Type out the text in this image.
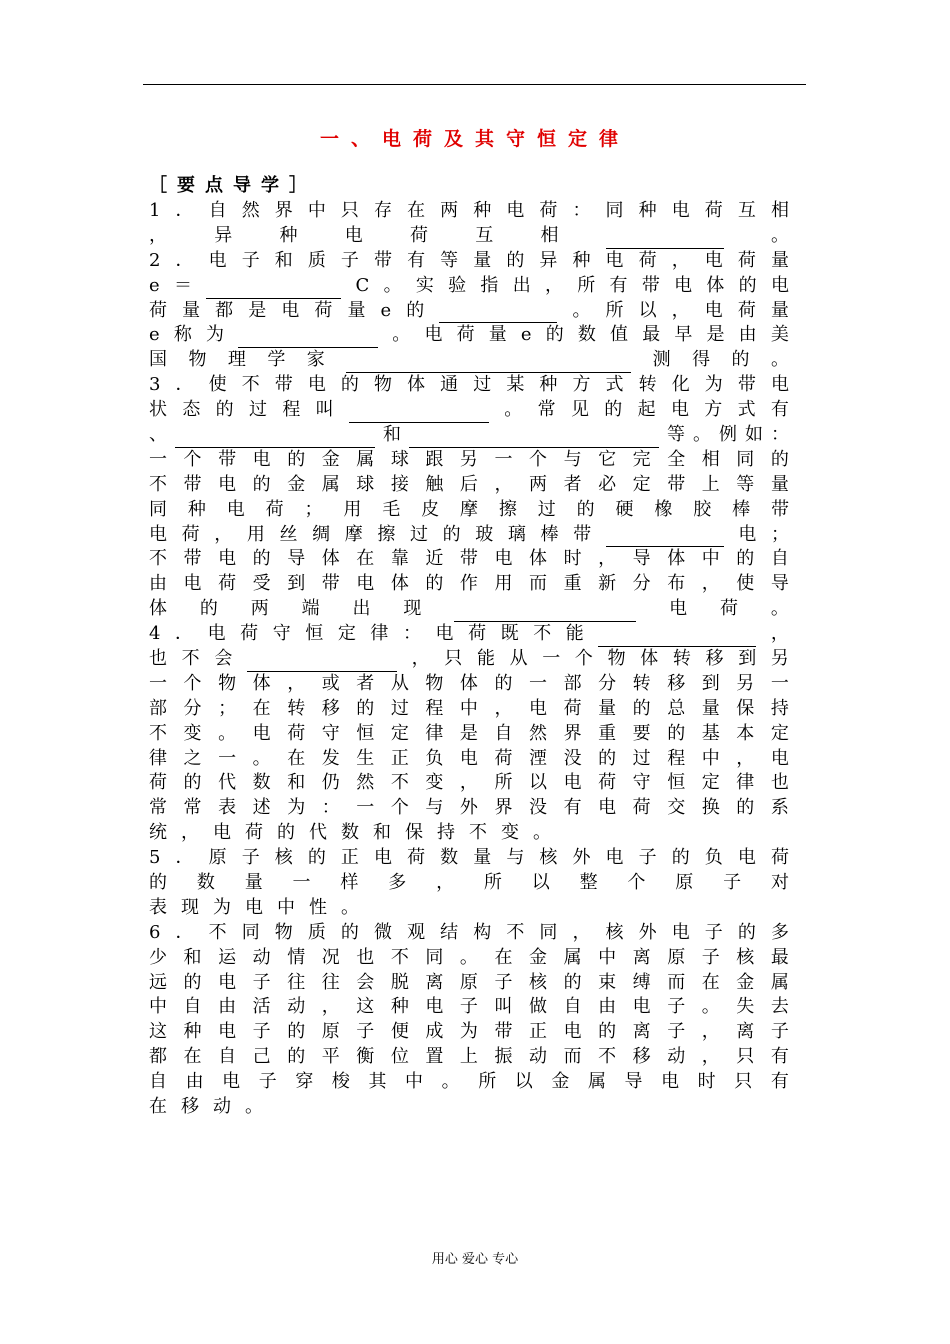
一、电荷及其守恒定律
［要点导学］
1 ． 自 然 界 中 只 存 在 两 种 电 荷 ： 同 种 电 荷 互 相
，	异	种	电	荷	互	相	。
2 ． 电 子 和 质 子 带 有 等 量 的 异 种 电 荷 ， 电 荷 量
e ＝	C 。 实 验 指 出 ， 所 有 带 电 体 的 电
荷 量 都 是 电 荷 量 e 的	。 所 以 ， 电 荷 量
e 称 为	。 电 荷 量 e 的 数 值 最 早 是 由 美
国 物 理 学 家	测 得 的 。
3 ． 使 不 带 电 的 物 体 通 过 某 种 方 式 转 化 为 带 电
状 态 的 过 程 叫	。 常 见 的 起 电 方 式 有
、	和	等 。 例 如 ：
一 个 带 电 的 金 属 球 跟 另 一 个 与 它 完 全 相 同 的
不 带 电 的 金 属 球 接 触 后 ， 两 者 必 定 带 上 等 量
同 种 电 荷 ； 用 毛 皮 摩 擦 过 的 硬 橡 胶 棒 带
电 荷 ， 用 丝 绸 摩 擦 过 的 玻 璃 棒 带	电 ；
不 带 电 的 导 体 在 靠 近 带 电 体 时 ， 导 体 中 的 自
由 电 荷 受 到 带 电 体 的 作 用 而 重 新 分 布 ， 使 导
体 的 两 端 出 现	电 荷 。
4 ． 电 荷 守 恒 定 律 ： 电 荷 既 不 能	，
也 不 会	， 只 能 从 一 个 物 体 转 移 到 另
一 个 物 体 ， 或 者 从 物 体 的 一 部 分 转 移 到 另 一
部 分 ； 在 转 移 的 过 程 中 ， 电 荷 量 的 总 量 保 持
不 变 。 电 荷 守 恒 定 律 是 自 然 界 重 要 的 基 本 定
律 之 一 。 在 发 生 正 负 电 荷 湮 没 的 过 程 中 ， 电
荷 的 代 数 和 仍 然 不 变 ， 所 以 电 荷 守 恒 定 律 也
常 常 表 述 为 ： 一 个 与 外 界 没 有 电 荷 交 换 的 系
统 ， 电 荷 的 代 数 和 保 持 不 变 。
5 ． 原 子 核 的 正 电 荷 数 量 与 核 外 电 子 的 负 电 荷
的 数 量 一 样 多 ， 所 以 整 个 原 子 对
表 现 为 电 中 性 。
6 ． 不 同 物 质 的 微 观 结 构 不 同 ， 核 外 电 子 的 多
少 和 运 动 情 况 也 不 同 。 在 金 属 中 离 原 子 核 最
远 的 电 子 往 往 会 脱 离 原 子 核 的 束 缚 而 在 金 属
中 自 由 活 动 ， 这 种 电 子 叫 做 自 由 电 子 。 失 去
这 种 电 子 的 原 子 便 成 为 带 正 电 的 离 子 ， 离 子
都 在 自 己 的 平 衡 位 置 上 振 动 而 不 移 动 ， 只 有
自 由 电 子 穿 梭 其 中 。 所 以 金 属 导 电 时 只 有
在 移 动 。
用心 爱心 专心
